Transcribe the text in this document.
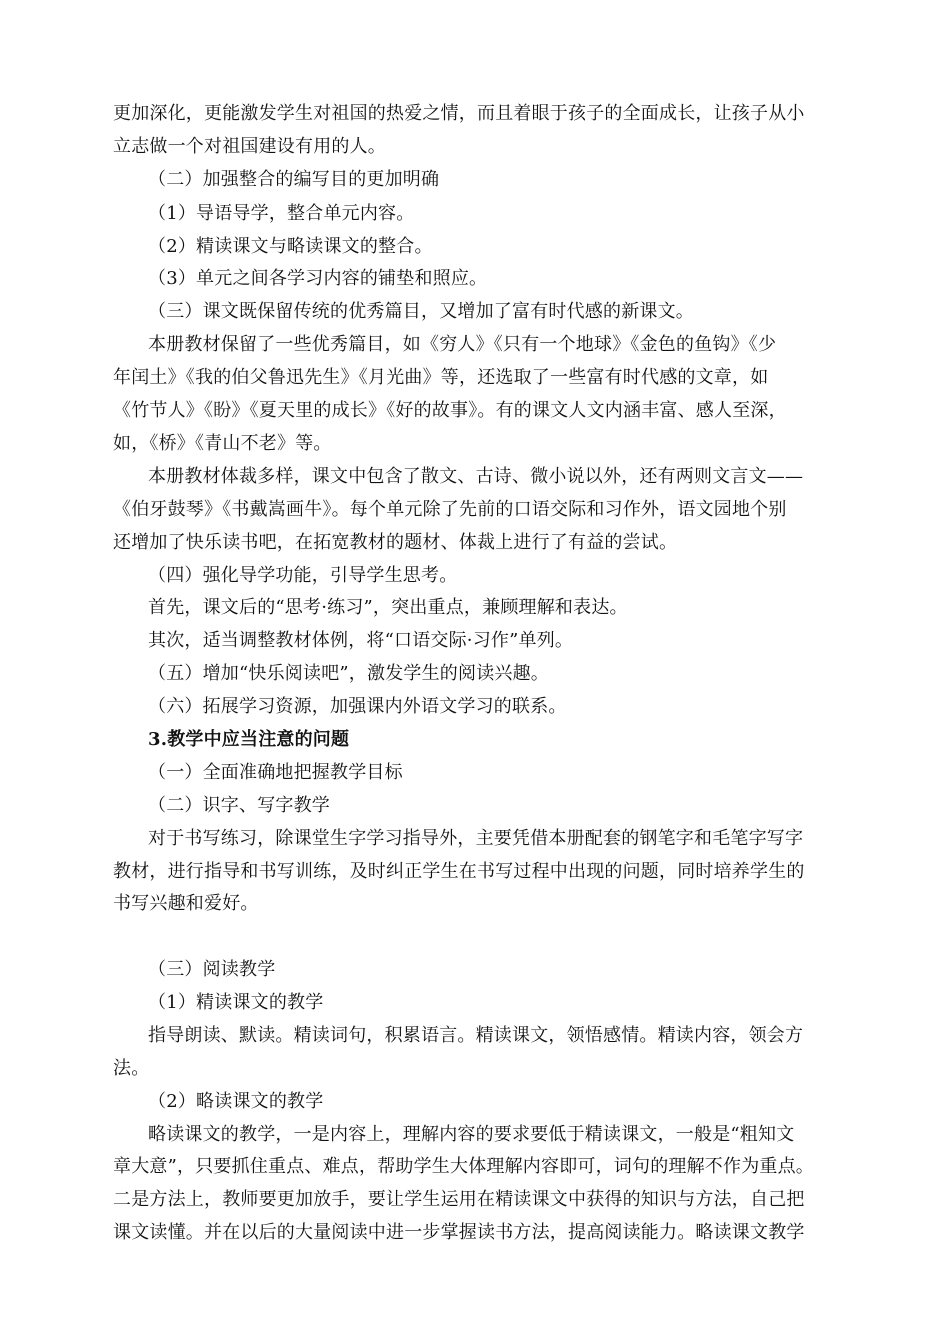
更加深化，更能激发学生对祖国的热爱之情，而且着眼于孩子的全面成长，让孩子从小
立志做一个对祖国建设有用的人。
（二）加强整合的编写目的更加明确
（1）导语导学，整合单元内容。
（2）精读课文与略读课文的整合。
（3）单元之间各学习内容的铺垫和照应。
（三）课文既保留传统的优秀篇目，又增加了富有时代感的新课文。
本册教材保留了一些优秀篇目，如《穷人》《只有一个地球》《金色的鱼钩》《少
年闰土》《我的伯父鲁迅先生》《月光曲》等，还选取了一些富有时代感的文章，如
《竹节人》《盼》《夏天里的成长》《好的故事》。有的课文人文内涵丰富、感人至深，
如，《桥》《青山不老》等。
本册教材体裁多样，课文中包含了散文、古诗、微小说以外，还有两则文言文——
《伯牙鼓琴》《书戴嵩画牛》。每个单元除了先前的口语交际和习作外，语文园地个别
还增加了快乐读书吧，在拓宽教材的题材、体裁上进行了有益的尝试。
（四）强化导学功能，引导学生思考。
首先，课文后的“思考·练习”，突出重点，兼顾理解和表达。
其次，适当调整教材体例，将“口语交际·习作”单列。
（五）增加“快乐阅读吧”，激发学生的阅读兴趣。
（六）拓展学习资源，加强课内外语文学习的联系。
3.教学中应当注意的问题
（一）全面准确地把握教学目标
（二）识字、写字教学
对于书写练习，除课堂生字学习指导外，主要凭借本册配套的钢笔字和毛笔字写字
教材，进行指导和书写训练，及时纠正学生在书写过程中出现的问题，同时培养学生的
书写兴趣和爱好。
（三）阅读教学
（1）精读课文的教学
指导朗读、默读。精读词句，积累语言。精读课文，领悟感情。精读内容，领会方
法。
（2）略读课文的教学
略读课文的教学，一是内容上，理解内容的要求要低于精读课文，一般是“粗知文
章大意”，只要抓住重点、难点，帮助学生大体理解内容即可，词句的理解不作为重点。
二是方法上，教师要更加放手，要让学生运用在精读课文中获得的知识与方法，自己把
课文读懂。并在以后的大量阅读中进一步掌握读书方法，提高阅读能力。略读课文教学
